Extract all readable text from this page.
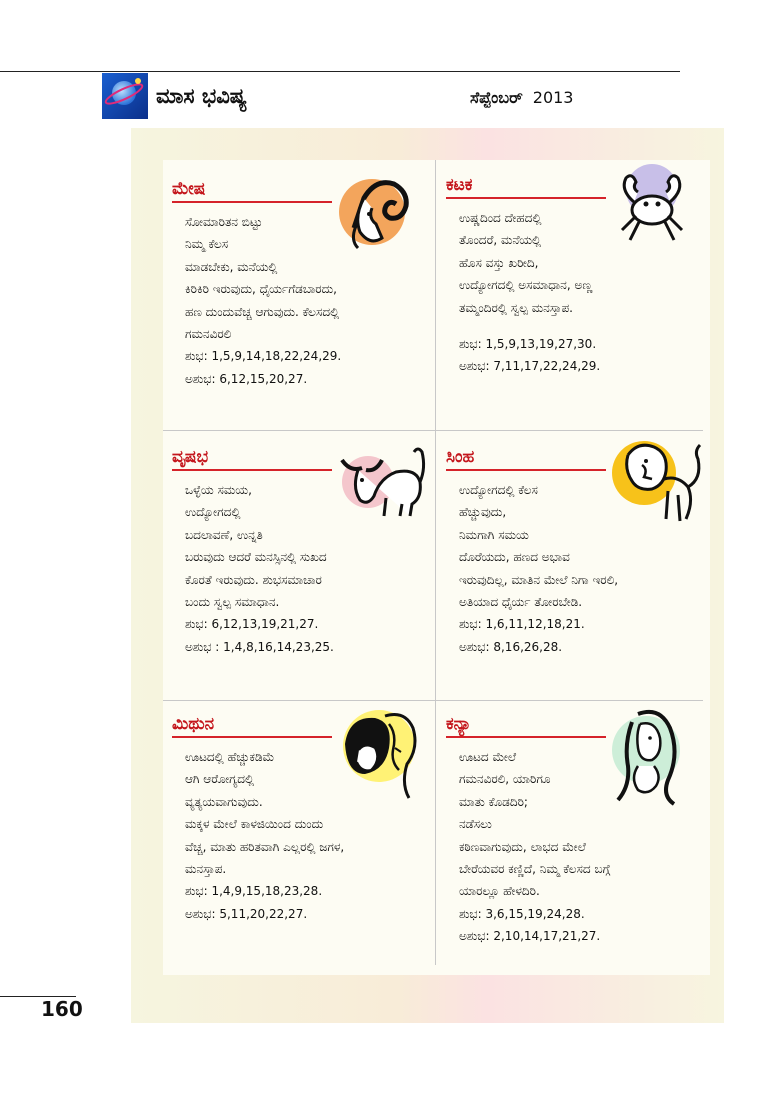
ಮಾಸ ಭವಿಷ್ಯ	ಸೆಪ್ಟೆಂಬರ್ 2013
ಮೇಷ

ಸೋಮಾರಿತನ ಬಿಟ್ಟು

ನಿಮ್ಮ ಕೆಲಸ

ಮಾಡಬೇಕು, ಮನೆಯಲ್ಲಿ

ಕಿರಿಕಿರಿ ಇರುವುದು, ಧೈರ್ಯಗೆಡಬಾರದು,

ಹಣ ದುಂದುವೆಚ್ಚ ಆಗುವುದು. ಕೆಲಸದಲ್ಲಿ

ಗಮನವಿರಲಿ

ಶುಭ: 1,5,9,14,18,22,24,29.

ಅಶುಭ: 6,12,15,20,27.

ಕಟಕ

ಉಷ್ಣದಿಂದ ದೇಹದಲ್ಲಿ

ತೊಂದರೆ, ಮನೆಯಲ್ಲಿ

ಹೊಸ ವಸ್ತು ಖರೀದಿ,

ಉದ್ಯೋಗದಲ್ಲಿ ಅಸಮಾಧಾನ, ಅಣ್ಣ

ತಮ್ಮಂದಿರಲ್ಲಿ ಸ್ವಲ್ಪ ಮನಸ್ತಾಪ.

ಶುಭ: 1,5,9,13,19,27,30.

ಅಶುಭ: 7,11,17,22,24,29.

ವೃಷಭ

ಒಳ್ಳೆಯ ಸಮಯ,

ಉದ್ಯೋಗದಲ್ಲಿ

ಬದಲಾವಣೆ, ಉನ್ನತಿ

ಬರುವುದು ಆದರೆ ಮನಸ್ಸಿನಲ್ಲಿ ಸುಖದ

ಕೊರತೆ ಇರುವುದು. ಶುಭಸಮಾಚಾರ

ಬಂದು ಸ್ವಲ್ಪ ಸಮಾಧಾನ.

ಶುಭ: 6,12,13,19,21,27.

ಅಶುಭ : 1,4,8,16,14,23,25.

ಸಿಂಹ

ಉದ್ಯೋಗದಲ್ಲಿ ಕೆಲಸ

ಹೆಚ್ಚುವುದು,

ನಿಮಗಾಗಿ ಸಮಯ

ದೊರೆಯದು, ಹಣದ ಅಭಾವ

ಇರುವುದಿಲ್ಲ, ಮಾತಿನ ಮೇಲೆ ನಿಗಾ ಇರಲಿ,

ಅತಿಯಾದ ಧೈರ್ಯ ತೋರಬೇಡಿ.

ಶುಭ: 1,6,11,12,18,21.

ಅಶುಭ: 8,16,26,28.

ಮಿಥುನ

ಊಟದಲ್ಲಿ ಹೆಚ್ಚುಕಡಿಮೆ

ಆಗಿ ಆರೋಗ್ಯದಲ್ಲಿ

ವ್ಯತ್ಯಯವಾಗುವುದು.

ಮಕ್ಕಳ ಮೇಲೆ ಕಾಳಜಿಯಿಂದ ದುಂದು

ವೆಚ್ಚ, ಮಾತು ಹರಿತವಾಗಿ ಎಲ್ಲರಲ್ಲಿ ಜಗಳ,

ಮನಸ್ತಾಪ.

ಶುಭ: 1,4,9,15,18,23,28.

ಅಶುಭ: 5,11,20,22,27.

ಕನ್ಯಾ

ಊಟದ ಮೇಲೆ

ಗಮನವಿರಲಿ, ಯಾರಿಗೂ

ಮಾತು ಕೊಡದಿರಿ;

ನಡೆಸಲು

ಕಠಿಣವಾಗುವುದು, ಲಾಭದ ಮೇಲೆ

ಬೇರೆಯವರ ಕಣ್ಣಿದೆ, ನಿಮ್ಮ ಕೆಲಸದ ಬಗ್ಗೆ

ಯಾರಲ್ಲೂ ಹೇಳದಿರಿ.

ಶುಭ: 3,6,15,19,24,28.

ಅಶುಭ: 2,10,14,17,21,27.

160
